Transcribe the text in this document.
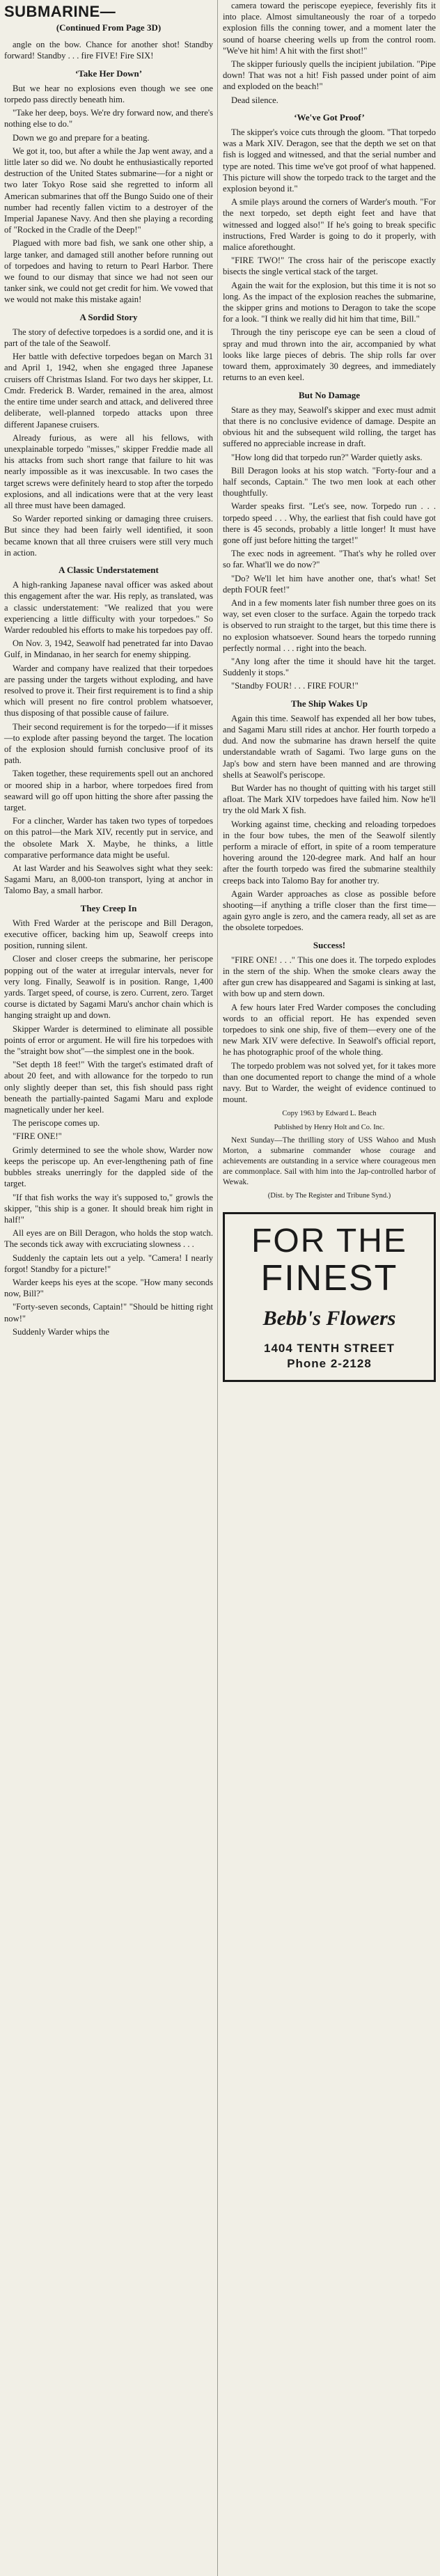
SUBMARINE—
(Continued From Page 3D)

angle on the bow. Chance for another shot! Standby forward! Standby . . . fire FIVE! Fire SIX!

‘Take Her Down’

But we hear no explosions even though we see one torpedo pass directly beneath him.

"Take her deep, boys. We're dry forward now, and there's nothing else to do."

Down we go and prepare for a beating.

We got it, too, but after a while the Jap went away, and a little later so did we. No doubt he enthusiastically reported destruction of the United States submarine—for a night or two later Tokyo Rose said she regretted to inform all American submarines that off the Bungo Suido one of their number had recently fallen victim to a destroyer of the Imperial Japanese Navy. And then she playing a recording of "Rocked in the Cradle of the Deep!"

Plagued with more bad fish, we sank one other ship, a large tanker, and damaged still another before running out of torpedoes and having to return to Pearl Harbor. There we found to our dismay that since we had not seen our tanker sink, we could not get credit for him. We vowed that we would not make this mistake again!

A Sordid Story

The story of defective torpedoes is a sordid one, and it is part of the tale of the Seawolf.

Her battle with defective torpedoes began on March 31 and April 1, 1942, when she engaged three Japanese cruisers off Christmas Island. For two days her skipper, Lt. Cmdr. Frederick B. Warder, remained in the area, almost the entire time under search and attack, and delivered three deliberate, well-planned torpedo attacks upon three different Japanese cruisers.

Already furious, as were all his fellows, with unexplainable torpedo "misses," skipper Freddie made all his attacks from such short range that failure to hit was nearly impossible as it was inexcusable. In two cases the target screws were definitely heard to stop after the torpedo explosions, and all indications were that at the very least all three must have been damaged.

So Warder reported sinking or damaging three cruisers. But since they had been fairly well identified, it soon became known that all three cruisers were still very much in action.

A Classic Understatement

A high-ranking Japanese naval officer was asked about this engagement after the war. His reply, as translated, was a classic understatement: "We realized that you were experiencing a little difficulty with your torpedoes." So Warder redoubled his efforts to make his torpedoes pay off.

On Nov. 3, 1942, Seawolf had penetrated far into Davao Gulf, in Mindanao, in her search for enemy shipping.

Warder and company have realized that their torpedoes are passing under the targets without exploding, and have resolved to prove it. Their first requirement is to find a ship which will present no fire control problem whatsoever, thus disposing of that possible cause of failure.

Their second requirement is for the torpedo—if it misses—to explode after passing beyond the target. The location of the explosion should furnish conclusive proof of its path.

Taken together, these requirements spell out an anchored or moored ship in a harbor, where torpedoes fired from seaward will go off upon hitting the shore after passing the target.

For a clincher, Warder has taken two types of torpedoes on this patrol—the Mark XIV, recently put in service, and the obsolete Mark X. Maybe, he thinks, a little comparative performance data might be useful.

At last Warder and his Seawolves sight what they seek: Sagami Maru, an 8,000-ton transport, lying at anchor in Talomo Bay, a small harbor.

They Creep In

With Fred Warder at the periscope and Bill Deragon, executive officer, backing him up, Seawolf creeps into position, running silent.

Closer and closer creeps the submarine, her periscope popping out of the water at irregular intervals, never for very long. Finally, Seawolf is in position. Range, 1,400 yards. Target speed, of course, is zero. Current, zero. Target course is dictated by Sagami Maru's anchor chain which is hanging straight up and down.

Skipper Warder is determined to eliminate all possible points of error or argument. He will fire his torpedoes with the "straight bow shot"—the simplest one in the book.

"Set depth 18 feet!" With the target's estimated draft of about 20 feet, and with allowance for the torpedo to run only slightly deeper than set, this fish should pass right beneath the partially-painted Sagami Maru and explode magnetically under her keel.

The periscope comes up.

"FIRE ONE!"

Grimly determined to see the whole show, Warder now keeps the periscope up. An ever-lengthening path of fine bubbles streaks unerringly for the dappled side of the target.

"If that fish works the way it's supposed to," growls the skipper, "this ship is a goner. It should break him right in half!"

All eyes are on Bill Deragon, who holds the stop watch. The seconds tick away with excruciating slowness . . .

Suddenly the captain lets out a yelp. "Camera! I nearly forgot! Standby for a picture!"

Warder keeps his eyes at the scope. "How many seconds now, Bill?"

"Forty-seven seconds, Captain!" "Should be hitting right now!"

Suddenly Warder whips the

camera toward the periscope eyepiece, feverishly fits it into place. Almost simultaneously the roar of a torpedo explosion fills the conning tower, and a moment later the sound of hoarse cheering wells up from the control room. "We've hit him! A hit with the first shot!"

The skipper furiously quells the incipient jubilation. "Pipe down! That was not a hit! Fish passed under point of aim and exploded on the beach!"

Dead silence.

‘We've Got Proof’

The skipper's voice cuts through the gloom. "That torpedo was a Mark XIV. Deragon, see that the depth we set on that fish is logged and witnessed, and that the serial number and type are noted. This time we've got proof of what happened. This picture will show the torpedo track to the target and the explosion beyond it."

A smile plays around the corners of Warder's mouth. "For the next torpedo, set depth eight feet and have that witnessed and logged also!" If he's going to break specific instructions, Fred Warder is going to do it properly, with malice aforethought.

"FIRE TWO!" The cross hair of the periscope exactly bisects the single vertical stack of the target.

Again the wait for the explosion, but this time it is not so long. As the impact of the explosion reaches the submarine, the skipper grins and motions to Deragon to take the scope for a look. "I think we really did hit him that time, Bill."

Through the tiny periscope eye can be seen a cloud of spray and mud thrown into the air, accompanied by what looks like large pieces of debris. The ship rolls far over toward them, approximately 30 degrees, and immediately returns to an even keel.

But No Damage

Stare as they may, Seawolf's skipper and exec must admit that there is no conclusive evidence of damage. Despite an obvious hit and the subsequent wild rolling, the target has suffered no appreciable increase in draft.

"How long did that torpedo run?" Warder quietly asks.

Bill Deragon looks at his stop watch. "Forty-four and a half seconds, Captain." The two men look at each other thoughtfully.

Warder speaks first. "Let's see, now. Torpedo run . . . torpedo speed . . . Why, the earliest that fish could have got there is 45 seconds, probably a little longer! It must have gone off just before hitting the target!"

The exec nods in agreement. "That's why he rolled over so far. What'll we do now?"

"Do? We'll let him have another one, that's what! Set depth FOUR feet!"

And in a few moments later fish number three goes on its way, set even closer to the surface. Again the torpedo track is observed to run straight to the target, but this time there is no explosion whatsoever. Sound hears the torpedo running perfectly normal . . . right into the beach.

"Any long after the time it should have hit the target. Suddenly it stops."

"Standby FOUR! . . . FIRE FOUR!"

The Ship Wakes Up

Again this time. Seawolf has expended all her bow tubes, and Sagami Maru still rides at anchor. Her fourth torpedo a dud. And now the submarine has drawn herself the quite understandable wrath of Sagami. Two large guns on the Jap's bow and stern have been manned and are throwing shells at Seawolf's periscope.

But Warder has no thought of quitting with his target still afloat. The Mark XIV torpedoes have failed him. Now he'll try the old Mark X fish.

Working against time, checking and reloading torpedoes in the four bow tubes, the men of the Seawolf silently perform a miracle of effort, in spite of a room temperature hovering around the 120-degree mark. And half an hour after the fourth torpedo was fired the submarine stealthily creeps back into Talomo Bay for another try.

Again Warder approaches as close as possible before shooting—if anything a trifle closer than the first time—again gyro angle is zero, and the camera ready, all set as are the obsolete torpedoes.

Success!

"FIRE ONE! . . ." This one does it. The torpedo explodes in the stern of the ship. When the smoke clears away the after gun crew has disappeared and Sagami is sinking at last, with bow up and stern down.

A few hours later Fred Warder composes the concluding words to an official report. He has expended seven torpedoes to sink one ship, five of them—every one of the new Mark XIV were defective. In Seawolf's official report, he has photographic proof of the whole thing.

The torpedo problem was not solved yet, for it takes more than one documented report to change the mind of a whole navy. But to Warder, the weight of evidence continued to mount.

Copy 1963 by Edward L. Beach

Published by Henry Holt and Co. Inc.

Next Sunday—The thrilling story of USS Wahoo and Mush Morton, a submarine commander whose courage and achievements are outstanding in a service where courageous men are commonplace. Sail with him into the Jap-controlled harbor of Wewak.

(Dist. by The Register and Tribune Synd.)

FOR THE
FINEST
Bebb's Flowers
1404 TENTH STREET
Phone 2-2128
